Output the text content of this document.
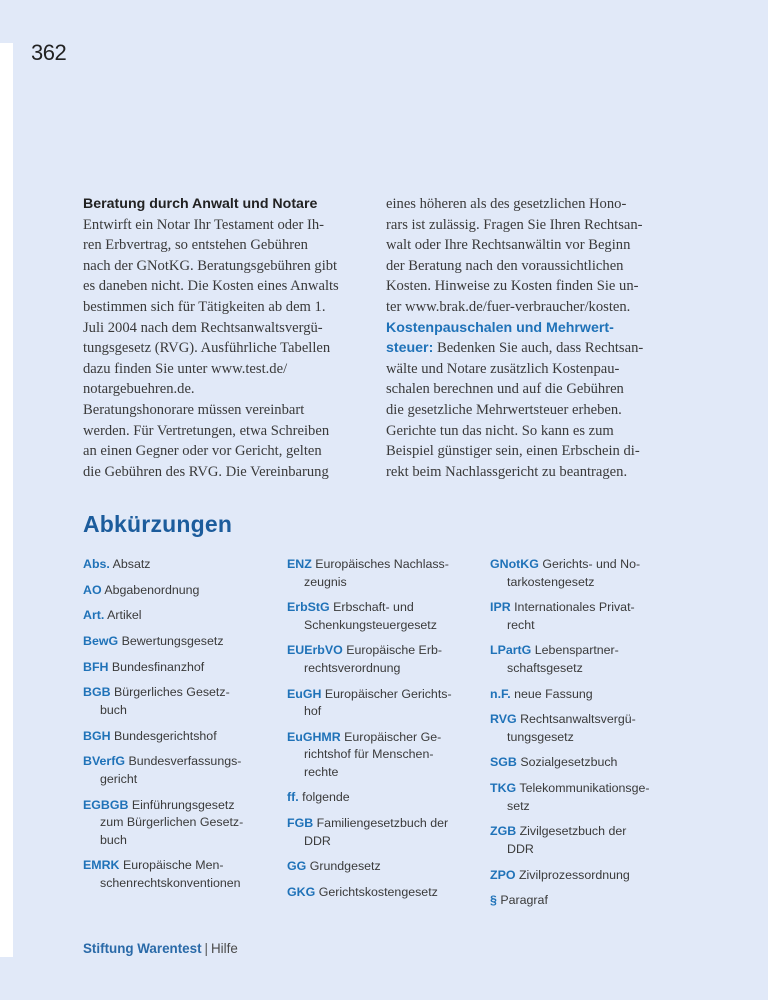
362
Beratung durch Anwalt und Notare
Entwirft ein Notar Ihr Testament oder Ih-
ren Erbvertrag, so entstehen Gebühren
nach der GNotKG. Beratungsgebühren gibt
es daneben nicht. Die Kosten eines Anwalts
bestimmen sich für Tätigkeiten ab dem 1.
Juli 2004 nach dem Rechtsanwaltsvergü-
tungsgesetz (RVG). Ausführliche Tabellen
dazu finden Sie unter www.test.de/
notargebuehren.de.
Beratungshonorare müssen vereinbart
werden. Für Vertretungen, etwa Schreiben
an einen Gegner oder vor Gericht, gelten
die Gebühren des RVG. Die Vereinbarung
eines höheren als des gesetzlichen Hono-
rars ist zulässig. Fragen Sie Ihren Rechtsan-
walt oder Ihre Rechtsanwältin vor Beginn
der Beratung nach den voraussichtlichen
Kosten. Hinweise zu Kosten finden Sie un-
ter www.brak.de/fuer-verbraucher/kosten.
Kostenpauschalen und Mehrwert-
steuer: Bedenken Sie auch, dass Rechtsan-
wälte und Notare zusätzlich Kostenpau-
schalen berechnen und auf die Gebühren
die gesetzliche Mehrwertsteuer erheben.
Gerichte tun das nicht. So kann es zum
Beispiel günstiger sein, einen Erbschein di-
rekt beim Nachlassgericht zu beantragen.
Abkürzungen
Abs. Absatz
AO Abgabenordnung
Art. Artikel
BewG Bewertungsgesetz
BFH Bundesfinanzhof
BGB Bürgerliches Gesetz-
buch
BGH Bundesgerichtshof
BVerfG Bundesverfassungs-
gericht
EGBGB Einführungsgesetz
zum Bürgerlichen Gesetz-
buch
EMRK Europäische Men-
schenrechtskonventionen
ENZ Europäisches Nachlass-
zeugnis
ErbStG Erbschaft- und
Schenkungsteuergesetz
EUErbVO Europäische Erb-
rechtsverordnung
EuGH Europäischer Gerichts-
hof
EuGHMR Europäischer Ge-
richtshof für Menschen-
rechte
ff. folgende
FGB Familiengesetzbuch der
DDR
GG Grundgesetz
GKG Gerichtskostengesetz
GNotKG Gerichts- und No-
tarkostengesetz
IPR Internationales Privat-
recht
LPartG Lebenspartner-
schaftsgesetz
n.F. neue Fassung
RVG Rechtsanwaltsvergü-
tungsgesetz
SGB Sozialgesetzbuch
TKG Telekommunikationsge-
setz
ZGB Zivilgesetzbuch der
DDR
ZPO Zivilprozessordnung
§ Paragraf
Stiftung Warentest | Hilfe
